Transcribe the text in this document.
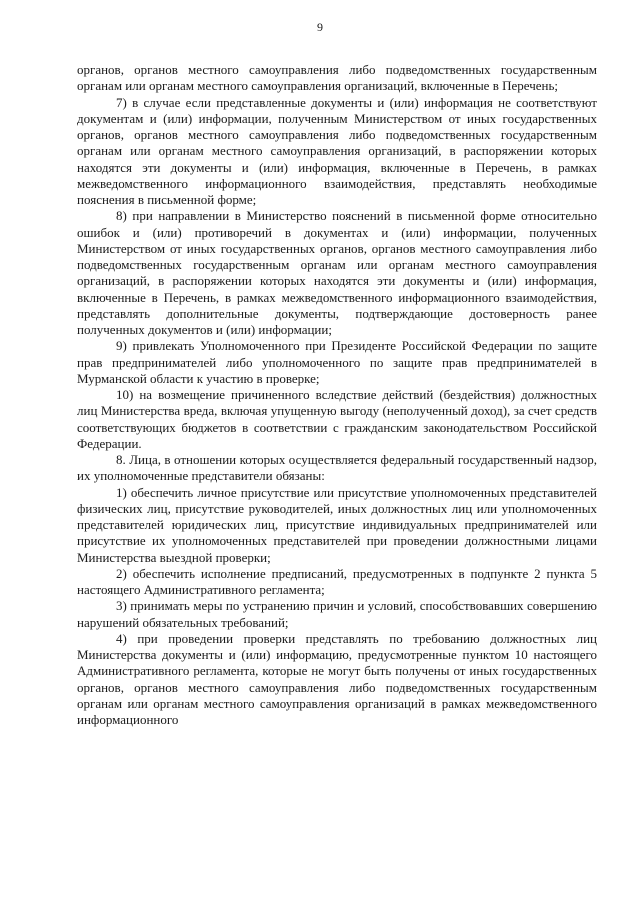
9

органов, органов местного самоуправления либо подведомственных государственным органам или органам местного самоуправления организаций, включенные в Перечень;

7) в случае если представленные документы и (или) информация не соответствуют документам и (или) информации, полученным Министерством от иных государственных органов, органов местного самоуправления либо подведомственных государственным органам или органам местного самоуправления организаций, в распоряжении которых находятся эти документы и (или) информация, включенные в Перечень, в рамках межведомственного информационного взаимодействия, представлять необходимые пояснения в письменной форме;

8) при направлении в Министерство пояснений в письменной форме относительно ошибок и (или) противоречий в документах и (или) информации, полученных Министерством от иных государственных органов, органов местного самоуправления либо подведомственных государственным органам или органам местного самоуправления организаций, в распоряжении которых находятся эти документы и (или) информация, включенные в Перечень, в рамках межведомственного информационного взаимодействия, представлять дополнительные документы, подтверждающие достоверность ранее полученных документов и (или) информации;

9) привлекать Уполномоченного при Президенте Российской Федерации по защите прав предпринимателей либо уполномоченного по защите прав предпринимателей в Мурманской области к участию в проверке;

10) на возмещение причиненного вследствие действий (бездействия) должностных лиц Министерства вреда, включая упущенную выгоду (неполученный доход), за счет средств соответствующих бюджетов в соответствии с гражданским законодательством Российской Федерации.

8. Лица, в отношении которых осуществляется федеральный государственный надзор, их уполномоченные представители обязаны:

1) обеспечить личное присутствие или присутствие уполномоченных представителей физических лиц, присутствие руководителей, иных должностных лиц или уполномоченных представителей юридических лиц, присутствие индивидуальных предпринимателей или присутствие их уполномоченных представителей при проведении должностными лицами Министерства выездной проверки;

2) обеспечить исполнение предписаний, предусмотренных в подпункте 2 пункта 5 настоящего Административного регламента;

3) принимать меры по устранению причин и условий, способствовавших совершению нарушений обязательных требований;

4) при проведении проверки представлять по требованию должностных лиц Министерства документы и (или) информацию, предусмотренные пунктом 10 настоящего Административного регламента, которые не могут быть получены от иных государственных органов, органов местного самоуправления либо подведомственных государственным органам или органам местного самоуправления организаций в рамках межведомственного информационного
